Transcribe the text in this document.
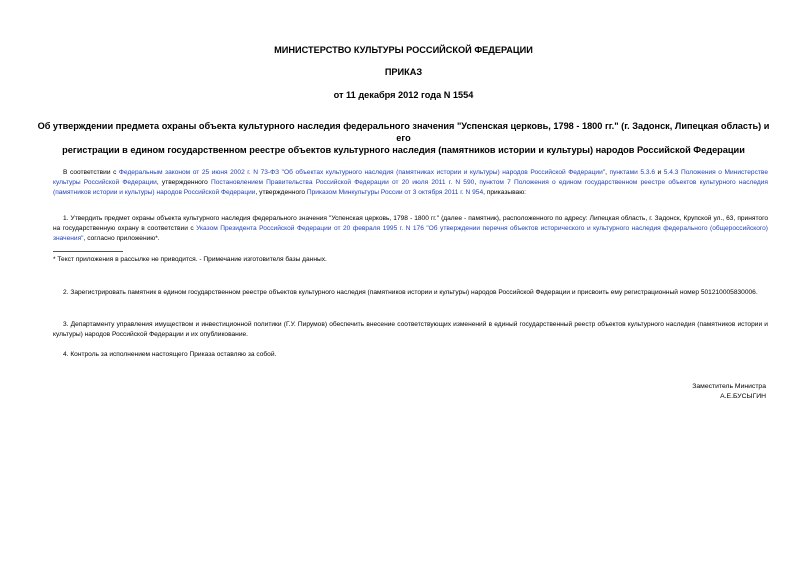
МИНИСТЕРСТВО КУЛЬТУРЫ РОССИЙСКОЙ ФЕДЕРАЦИИ
ПРИКАЗ
от 11 декабря 2012 года N 1554
Об утверждении предмета охраны объекта культурного наследия федерального значения "Успенская церковь, 1798 - 1800 гг." (г. Задонск, Липецкая область) и его
регистрации в едином государственном реестре объектов культурного наследия (памятников истории и культуры) народов Российской Федерации
В соответствии с Федеральным законом от 25 июня 2002 г. N 73-ФЗ "Об объектах культурного наследия (памятниках истории и культуры) народов Российской Федерации", пунктами 5.3.6 и 5.4.3 Положения о Министерстве культуры Российской Федерации, утвержденного Постановлением Правительства Российской Федерации от 20 июля 2011 г. N 590, пунктом 7 Положения о едином государственном реестре объектов культурного наследия (памятников истории и культуры) народов Российской Федерации, утвержденного Приказом Минкультуры России от 3 октября 2011 г. N 954, приказываю:
1. Утвердить предмет охраны объекта культурного наследия федерального значения "Успенская церковь, 1798 - 1800 гг." (далее - памятник), расположенного по адресу: Липецкая область, г. Задонск, Крупской ул., 63, принятого на государственную охрану в соответствии с Указом Президента Российской Федерации от 20 февраля 1995 г. N 176 "Об утверждении перечня объектов исторического и культурного наследия федерального (общероссийского) значения", согласно приложению*.
* Текст приложения в рассылке не приводится. - Примечание изготовителя базы данных.
2. Зарегистрировать памятник в едином государственном реестре объектов культурного наследия (памятников истории и культуры) народов Российской Федерации и присвоить ему регистрационный номер 501210005830006.
3. Департаменту управления имуществом и инвестиционной политики (Г.У. Пирумов) обеспечить внесение соответствующих изменений в единый государственный реестр объектов культурного наследия (памятников истории и культуры) народов Российской Федерации и их опубликование.
4. Контроль за исполнением настоящего Приказа оставляю за собой.
Заместитель Министра
А.Е.БУСЫГИН
